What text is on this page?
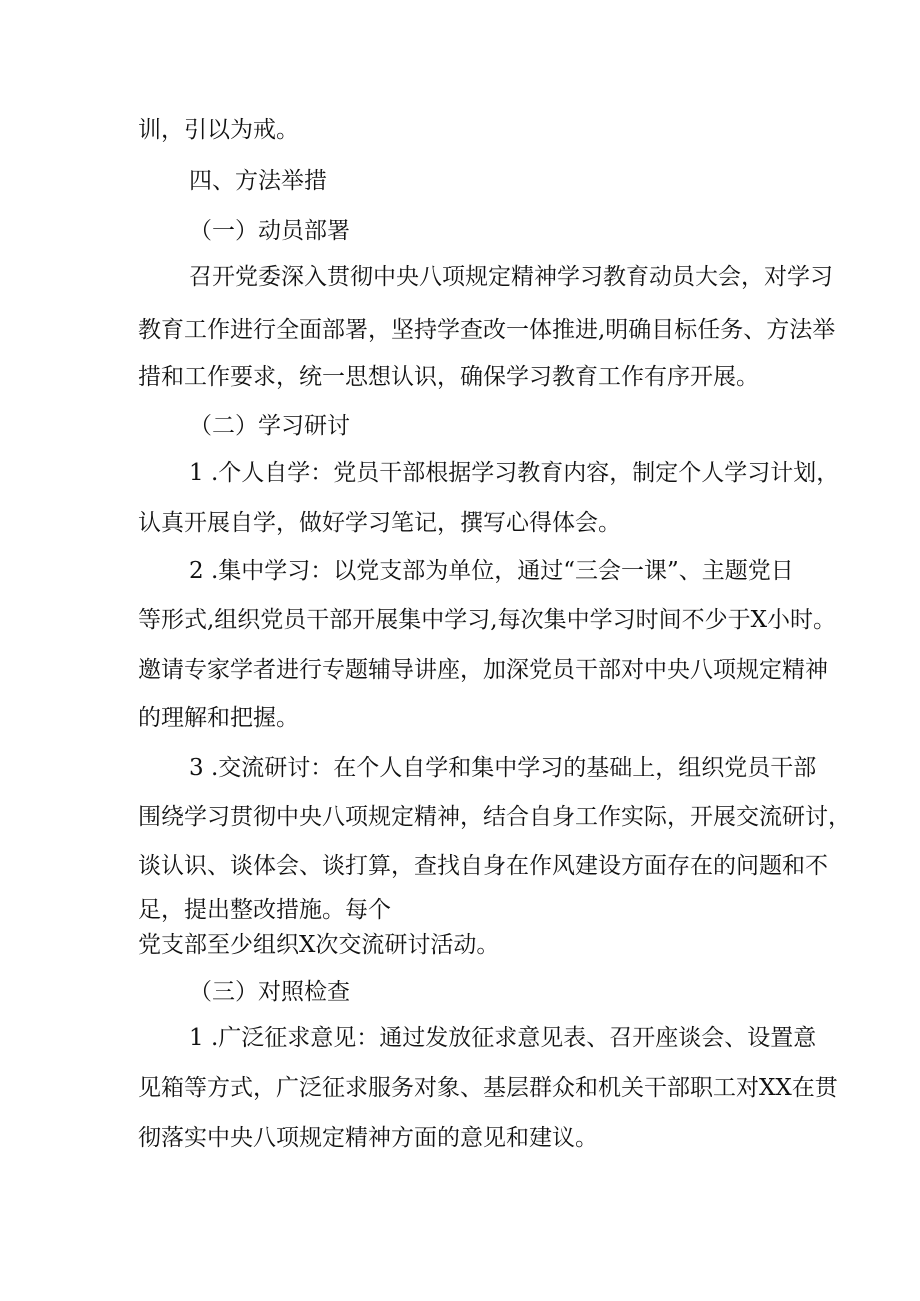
训，引以为戒。
四、方法举措
（一）动员部署
召开党委深入贯彻中央八项规定精神学习教育动员大会，对学习
教育工作进行全面部署，坚持学查改一体推进,明确目标任务、方法举
措和工作要求，统一思想认识，确保学习教育工作有序开展。
（二）学习研讨
1 .个人自学：党员干部根据学习教育内容，制定个人学习计划，
认真开展自学，做好学习笔记，撰写心得体会。
2 .集中学习：以党支部为单位，通过“三会一课”、主题党日
等形式,组织党员干部开展集中学习,每次集中学习时间不少于X小时。
邀请专家学者进行专题辅导讲座，加深党员干部对中央八项规定精神
的理解和把握。
3 .交流研讨：在个人自学和集中学习的基础上，组织党员干部
围绕学习贯彻中央八项规定精神，结合自身工作实际，开展交流研讨，
谈认识、谈体会、谈打算，查找自身在作风建设方面存在的问题和不
足，提出整改措施。每个
党支部至少组织X次交流研讨活动。
（三）对照检查
1 .广泛征求意见：通过发放征求意见表、召开座谈会、设置意
见箱等方式，广泛征求服务对象、基层群众和机关干部职工对XX在贯
彻落实中央八项规定精神方面的意见和建议。
